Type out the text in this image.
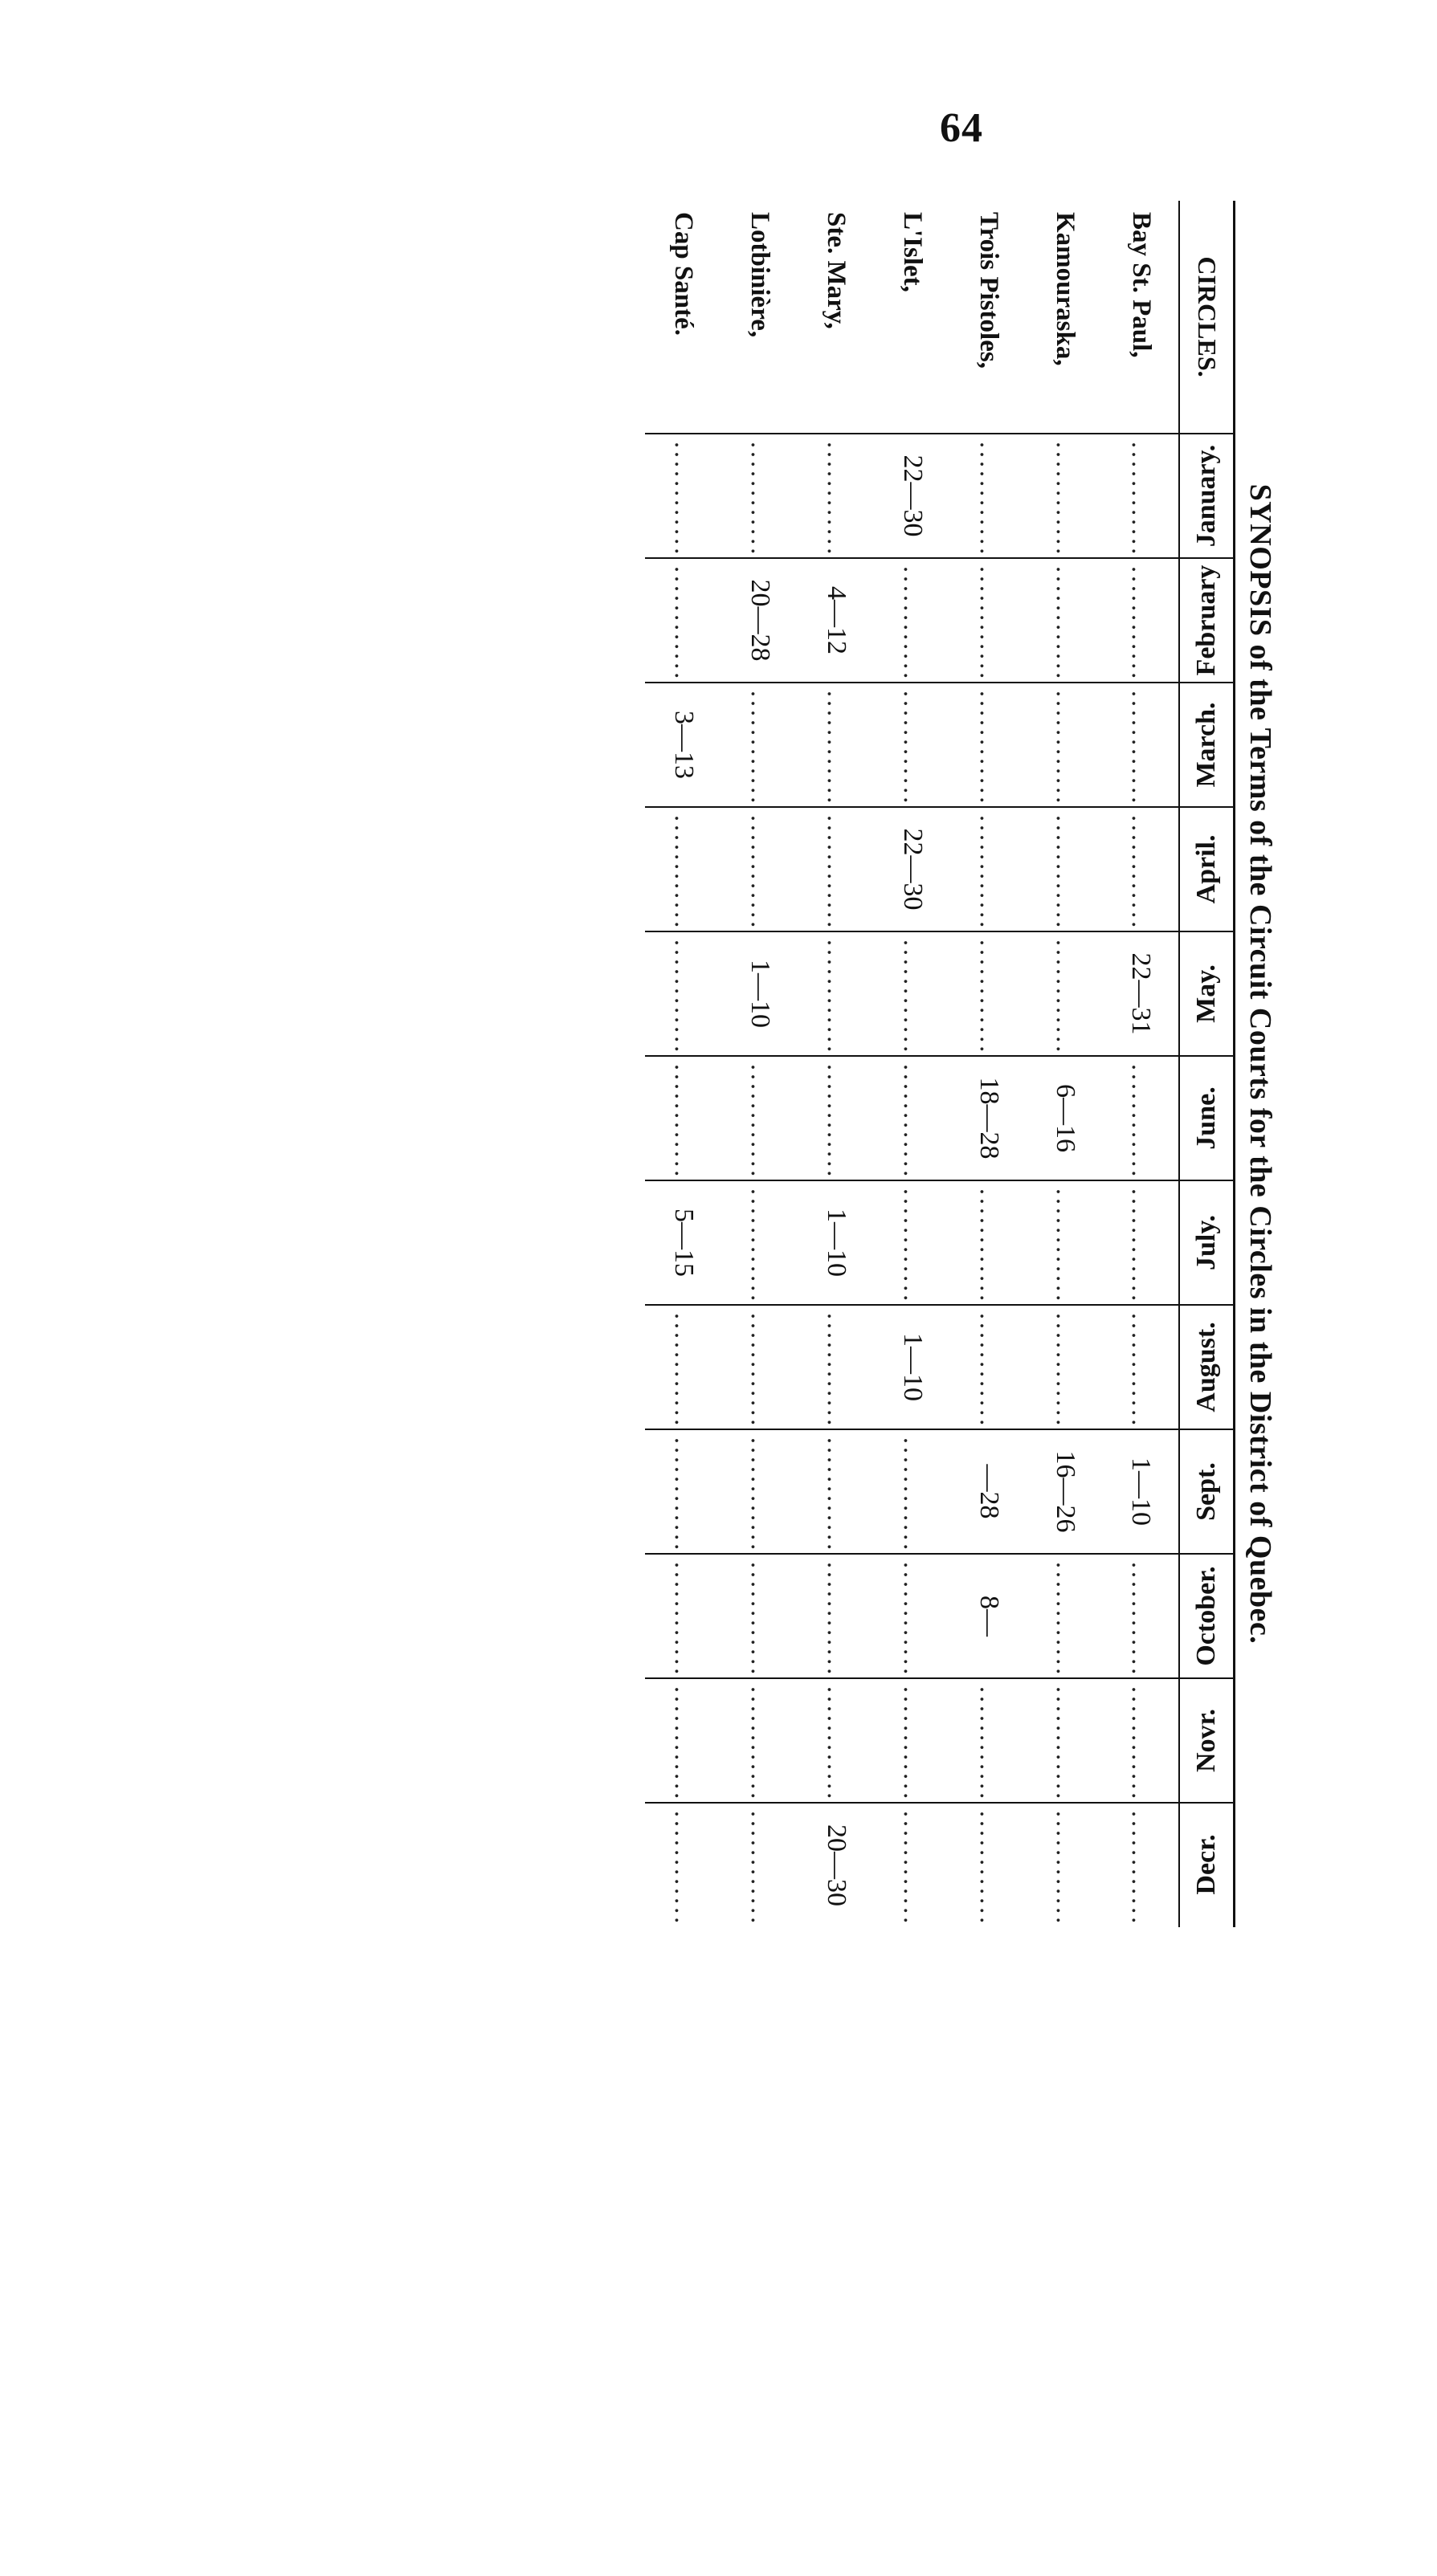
64
SYNOPSIS of the Terms of the Circuit Courts for the Circles in the District of Quebec.
CIRCLES.	January.	February	March.	April.	May.	June.	July.	August.	Sept.	October.	Novr.	Decr.
Bay St. Paul,	․․․․․․․․․․․․․․	․․․․․․․․․․․․․․	․․․․․․․․․․․․․․	․․․․․․․․․․․․․․	22—31	․․․․․․․․․․․․․․	․․․․․․․․․․․․․․	․․․․․․․․․․․․․․	1—10	․․․․․․․․․․․․․․	․․․․․․․․․․․․․․	․․․․․․․․․․․․․․
Kamouraska,	․․․․․․․․․․․․․․	․․․․․․․․․․․․․․	․․․․․․․․․․․․․․	․․․․․․․․․․․․․․	․․․․․․․․․․․․․․	6—16	․․․․․․․․․․․․․․	․․․․․․․․․․․․․․	16—26	․․․․․․․․․․․․․․	․․․․․․․․․․․․․․	․․․․․․․․․․․․․․
Trois Pistoles,	․․․․․․․․․․․․․․	․․․․․․․․․․․․․․	․․․․․․․․․․․․․․	․․․․․․․․․․․․․․	․․․․․․․․․․․․․․	18—28	․․․․․․․․․․․․․․	․․․․․․․․․․․․․․	—28	8—	․․․․․․․․․․․․․․	․․․․․․․․․․․․․․
L'Islet,	22—30	․․․․․․․․․․․․․․	․․․․․․․․․․․․․․	22—30	․․․․․․․․․․․․․․	․․․․․․․․․․․․․․	․․․․․․․․․․․․․․	1—10	․․․․․․․․․․․․․․	․․․․․․․․․․․․․․	․․․․․․․․․․․․․․	․․․․․․․․․․․․․․
Ste. Mary,	․․․․․․․․․․․․․․	4—12	․․․․․․․․․․․․․․	․․․․․․․․․․․․․․	․․․․․․․․․․․․․․	․․․․․․․․․․․․․․	1—10	․․․․․․․․․․․․․․	․․․․․․․․․․․․․․	․․․․․․․․․․․․․․	․․․․․․․․․․․․․․	20—30
Lotbinière,	․․․․․․․․․․․․․․	20—28	․․․․․․․․․․․․․․	․․․․․․․․․․․․․․	1—10	․․․․․․․․․․․․․․	․․․․․․․․․․․․․․	․․․․․․․․․․․․․․	․․․․․․․․․․․․․․	․․․․․․․․․․․․․․	․․․․․․․․․․․․․․	․․․․․․․․․․․․․․
Cap Santé.	․․․․․․․․․․․․․․	․․․․․․․․․․․․․․	3—13	․․․․․․․․․․․․․․	․․․․․․․․․․․․․․	․․․․․․․․․․․․․․	5—15	․․․․․․․․․․․․․․	․․․․․․․․․․․․․․	․․․․․․․․․․․․․․	․․․․․․․․․․․․․․	․․․․․․․․․․․․․․
